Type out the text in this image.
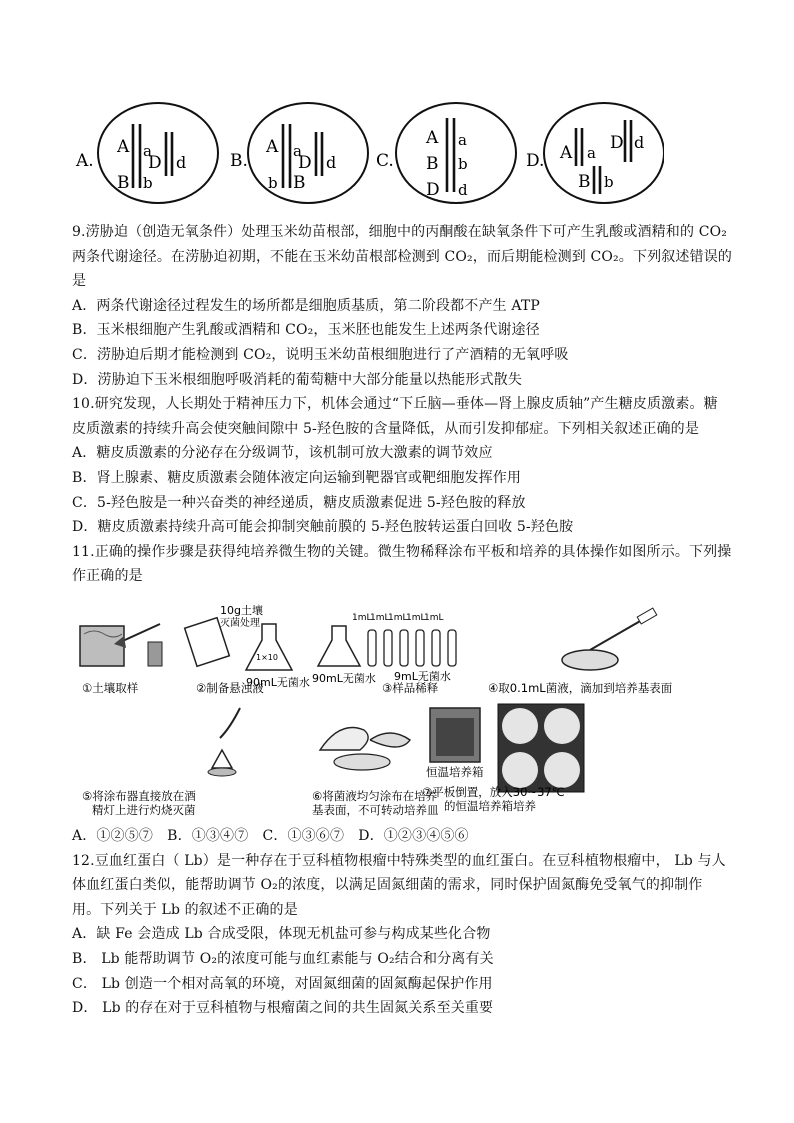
A.
A a
D d
B b
B.
A a
D d
b B
C.
A a
B b
D d
D. A a D d
B b
9.涝胁迫（创造无氧条件）处理玉米幼苗根部，细胞中的丙酮酸在缺氧条件下可产生乳酸或酒精和的 CO₂
两条代谢途径。在涝胁迫初期，不能在玉米幼苗根部检测到 CO₂，而后期能检测到 CO₂。下列叙述错误的
是
A．两条代谢途径过程发生的场所都是细胞质基质，第二阶段都不产生 ATP
B．玉米根细胞产生乳酸或酒精和 CO₂，玉米胚也能发生上述两条代谢途径
C．涝胁迫后期才能检测到 CO₂，说明玉米幼苗根细胞进行了产酒精的无氧呼吸
D．涝胁迫下玉米根细胞呼吸消耗的葡萄糖中大部分能量以热能形式散失
10.研究发现，人长期处于精神压力下，机体会通过“下丘脑—垂体—肾上腺皮质轴”产生糖皮质激素。糖
皮质激素的持续升高会使突触间隙中 5-羟色胺的含量降低，从而引发抑郁症。下列相关叙述正确的是
A．糖皮质激素的分泌存在分级调节，该机制可放大激素的调节效应
B．肾上腺素、糖皮质激素会随体液定向运输到靶器官或靶细胞发挥作用
C．5-羟色胺是一种兴奋类的神经递质，糖皮质激素促进 5-羟色胺的释放
D．糖皮质激素持续升高可能会抑制突触前膜的 5-羟色胺转运蛋白回收 5-羟色胺
11.正确的操作步骤是获得纯培养微生物的关键。微生物稀释涂布平板和培养的具体操作如图所示。下列操
作正确的是
①土壤取样
10g土壤
灭菌处理
1×10
90mL无菌水
②制备悬浊液
90mL无菌水
1mL
1mL
1mL
1mL
1mL
9mL无菌水
③样品稀释	④取0.1mL菌液，滴加到培养基表面
⑤将涂布器直接放在酒
精灯上进行灼烧灭菌
⑥将菌液均匀涂布在培养
基表面，不可转动培养皿
恒温培养箱
⑦平板倒置，放入30~37℃
的恒温培养箱培养
A．①②⑤⑦　B．①③④⑦　C．①③⑥⑦　D．①②③④⑤⑥
12.豆血红蛋白（ Lb）是一种存在于豆科植物根瘤中特殊类型的血红蛋白。在豆科植物根瘤中， Lb 与人
体血红蛋白类似，能帮助调节 O₂的浓度，以满足固氮细菌的需求，同时保护固氮酶免受氧气的抑制作
用。下列关于 Lb 的叙述不正确的是
A．缺 Fe 会造成 Lb 合成受限，体现无机盐可参与构成某些化合物
B． Lb 能帮助调节 O₂的浓度可能与血红素能与 O₂结合和分离有关
C． Lb 创造一个相对高氧的环境，对固氮细菌的固氮酶起保护作用
D． Lb 的存在对于豆科植物与根瘤菌之间的共生固氮关系至关重要
